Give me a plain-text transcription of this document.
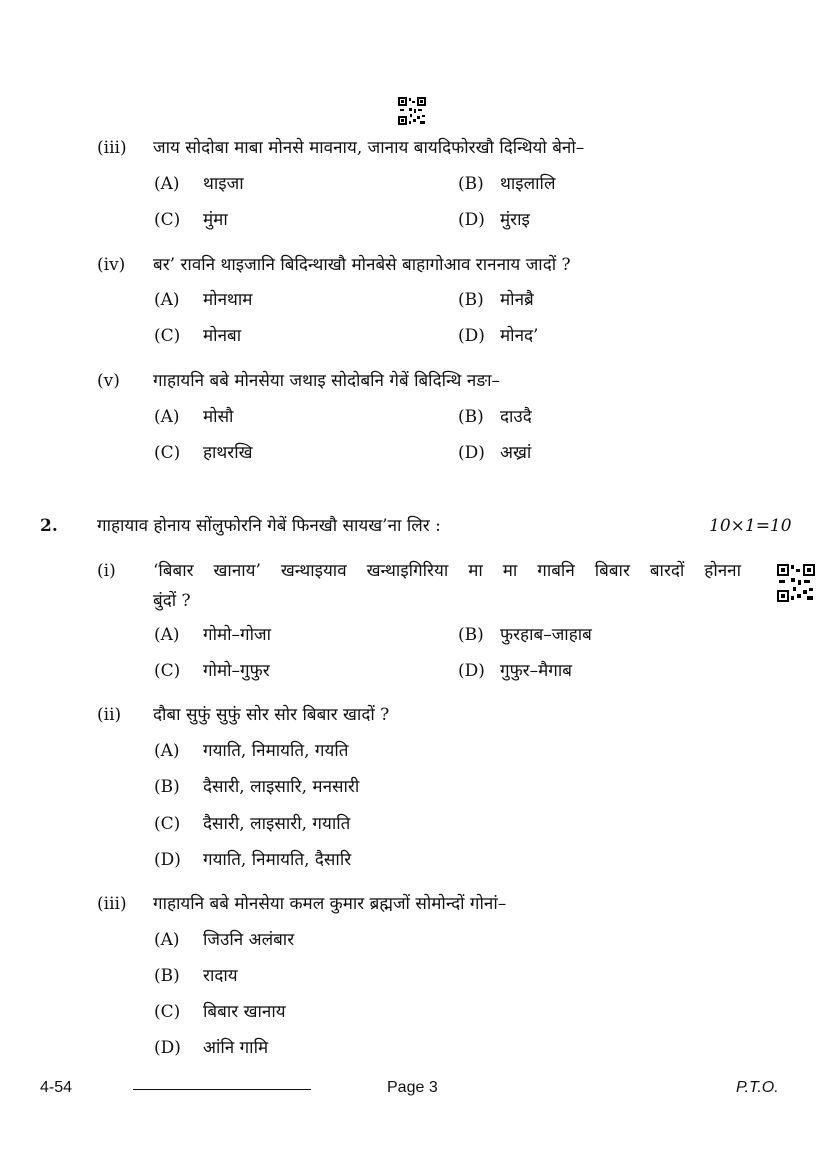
(iii) जाय सोदोबा माबा मोनसे मावनाय, जानाय बायदिफोरखौ दिन्थियो बेनो–
(A) थाइजा	(B) थाइलालि
(C) मुंमा	(D) मुंराइ
(iv) बर’ रावनि थाइजानि बिदिन्थाखौ मोनबेसे बाहागोआव राननाय जादों ?
(A) मोनथाम	(B) मोनब्रै
(C) मोनबा	(D) मोनद’
(v) गाहायनि बबे मोनसेया जथाइ सोदोबनि गेबें बिदिन्थि नङा–
(A) मोसौ	(B) दाउदै
(C) हाथरखि	(D) अख्रां
2. गाहायाव होनाय सोंलुफोरनि गेबें फिनखौ सायख’ना लिर :	10×1=10
(i) ‘बिबार खानाय’ खन्थाइयाव खन्थाइगिरिया मा मा गाबनि बिबार बारदों होनना
बुंदों ?
(A) गोमो–गोजा	(B) फुरहाब–जाहाब
(C) गोमो–गुफुर	(D) गुफुर–मैगाब
(ii) दौबा सुफुं सुफुं सोर सोर बिबार खादों ?
(A) गयाति, निमायति, गयति
(B) दैसारी, लाइसारि, मनसारी
(C) दैसारी, लाइसारी, गयाति
(D) गयाति, निमायति, दैसारि
(iii) गाहायनि बबे मोनसेया कमल कुमार ब्रह्मजों सोमोन्दों गोनां–
(A) जिउनि अलंबार
(B) रादाय
(C) बिबार खानाय
(D) आंनि गामि
4-54	Page 3	P.T.O.
